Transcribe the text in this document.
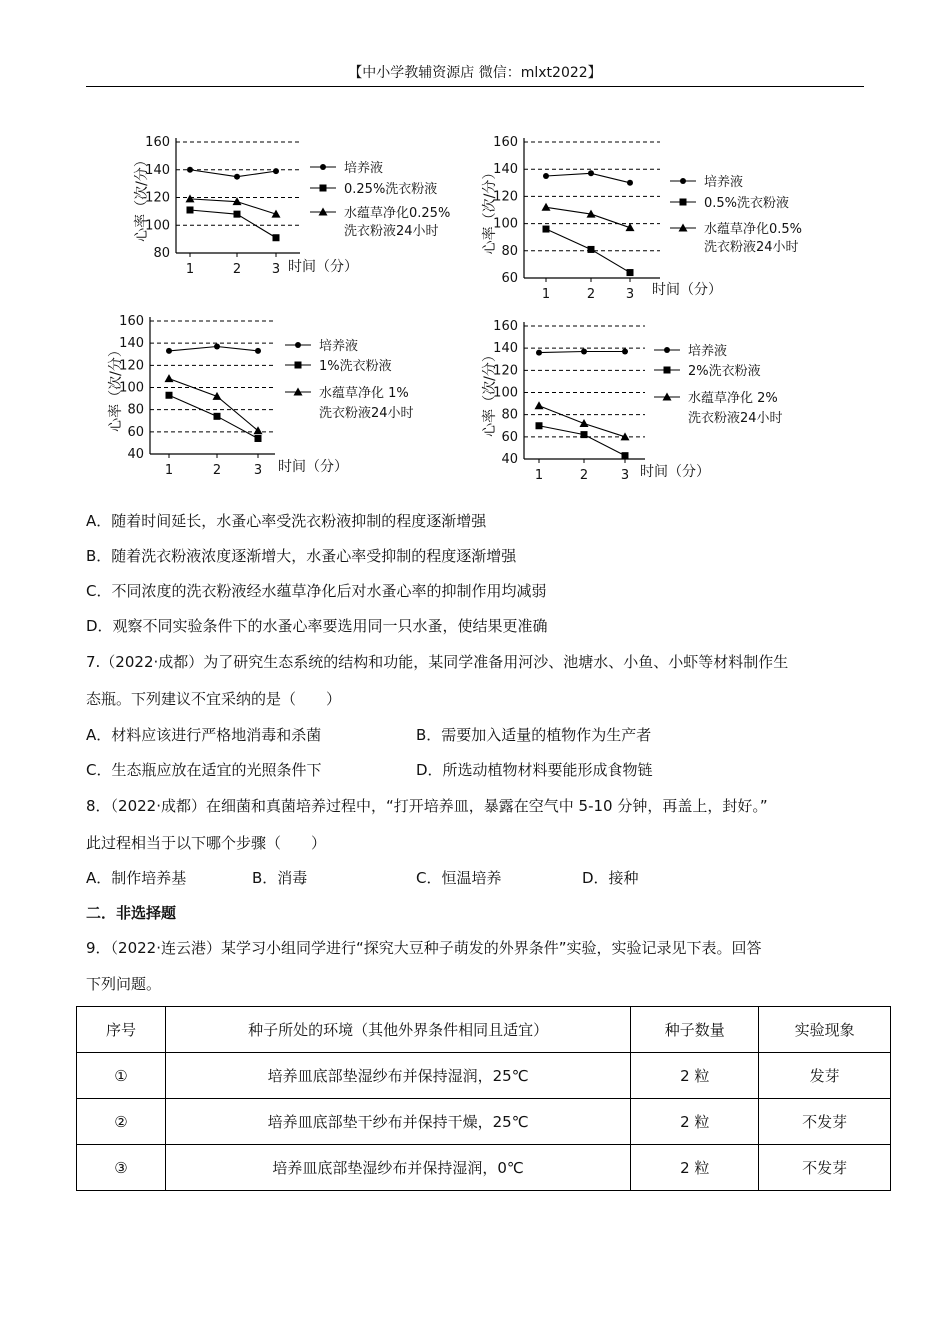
【中小学教辅资源店 微信：mlxt2022】
160
140
120
100
80
1	2 3 时间（分）
心率（次/分）	培养液
0.25%洗衣粉液
水蕴草净化0.25%
洗衣粉液24小时
160
140
120
100
80
60
1	2 3 时间（分）
心率（次/分）	培养液
0.5%洗衣粉液
水蕴草净化0.5%
洗衣粉液24小时
160
140
120
100
80
60
40
1	2	3 时间（分）
心率（次/分）	培养液
1%洗衣粉液
水蕴草净化 1%
洗衣粉液24小时
160
140
120
100
80
60
40
1	2	3 时间（分）
心率（次/分）	培养液
2%洗衣粉液
水蕴草净化 2%
洗衣粉液24小时
A．随着时间延长，水蚤心率受洗衣粉液抑制的程度逐渐增强
B．随着洗衣粉液浓度逐渐增大，水蚤心率受抑制的程度逐渐增强
C．不同浓度的洗衣粉液经水蕴草净化后对水蚤心率的抑制作用均减弱
D．观察不同实验条件下的水蚤心率要选用同一只水蚤，使结果更准确
7.（2022·成都）为了研究生态系统的结构和功能，某同学准备用河沙、池塘水、小鱼、小虾等材料制作生
态瓶。下列建议不宜采纳的是（　　）
A．材料应该进行严格地消毒和杀菌	B．需要加入适量的植物作为生产者
C．生态瓶应放在适宜的光照条件下	D．所选动植物材料要能形成食物链
8．（2022·成都）在细菌和真菌培养过程中，“打开培养皿，暴露在空气中 5-10 分钟，再盖上，封好。”
此过程相当于以下哪个步骤（　　）
A．制作培养基	B．消毒	C．恒温培养	D．接种
二．非选择题
9．（2022·连云港）某学习小组同学进行“探究大豆种子萌发的外界条件”实验，实验记录见下表。回答
下列问题。
序号	种子所处的环境（其他外界条件相同且适宜）	种子数量	实验现象
①	培养皿底部垫湿纱布并保持湿润，25℃	2 粒	发芽
②	培养皿底部垫干纱布并保持干燥，25℃	2 粒	不发芽
③	培养皿底部垫湿纱布并保持湿润，0℃	2 粒	不发芽
